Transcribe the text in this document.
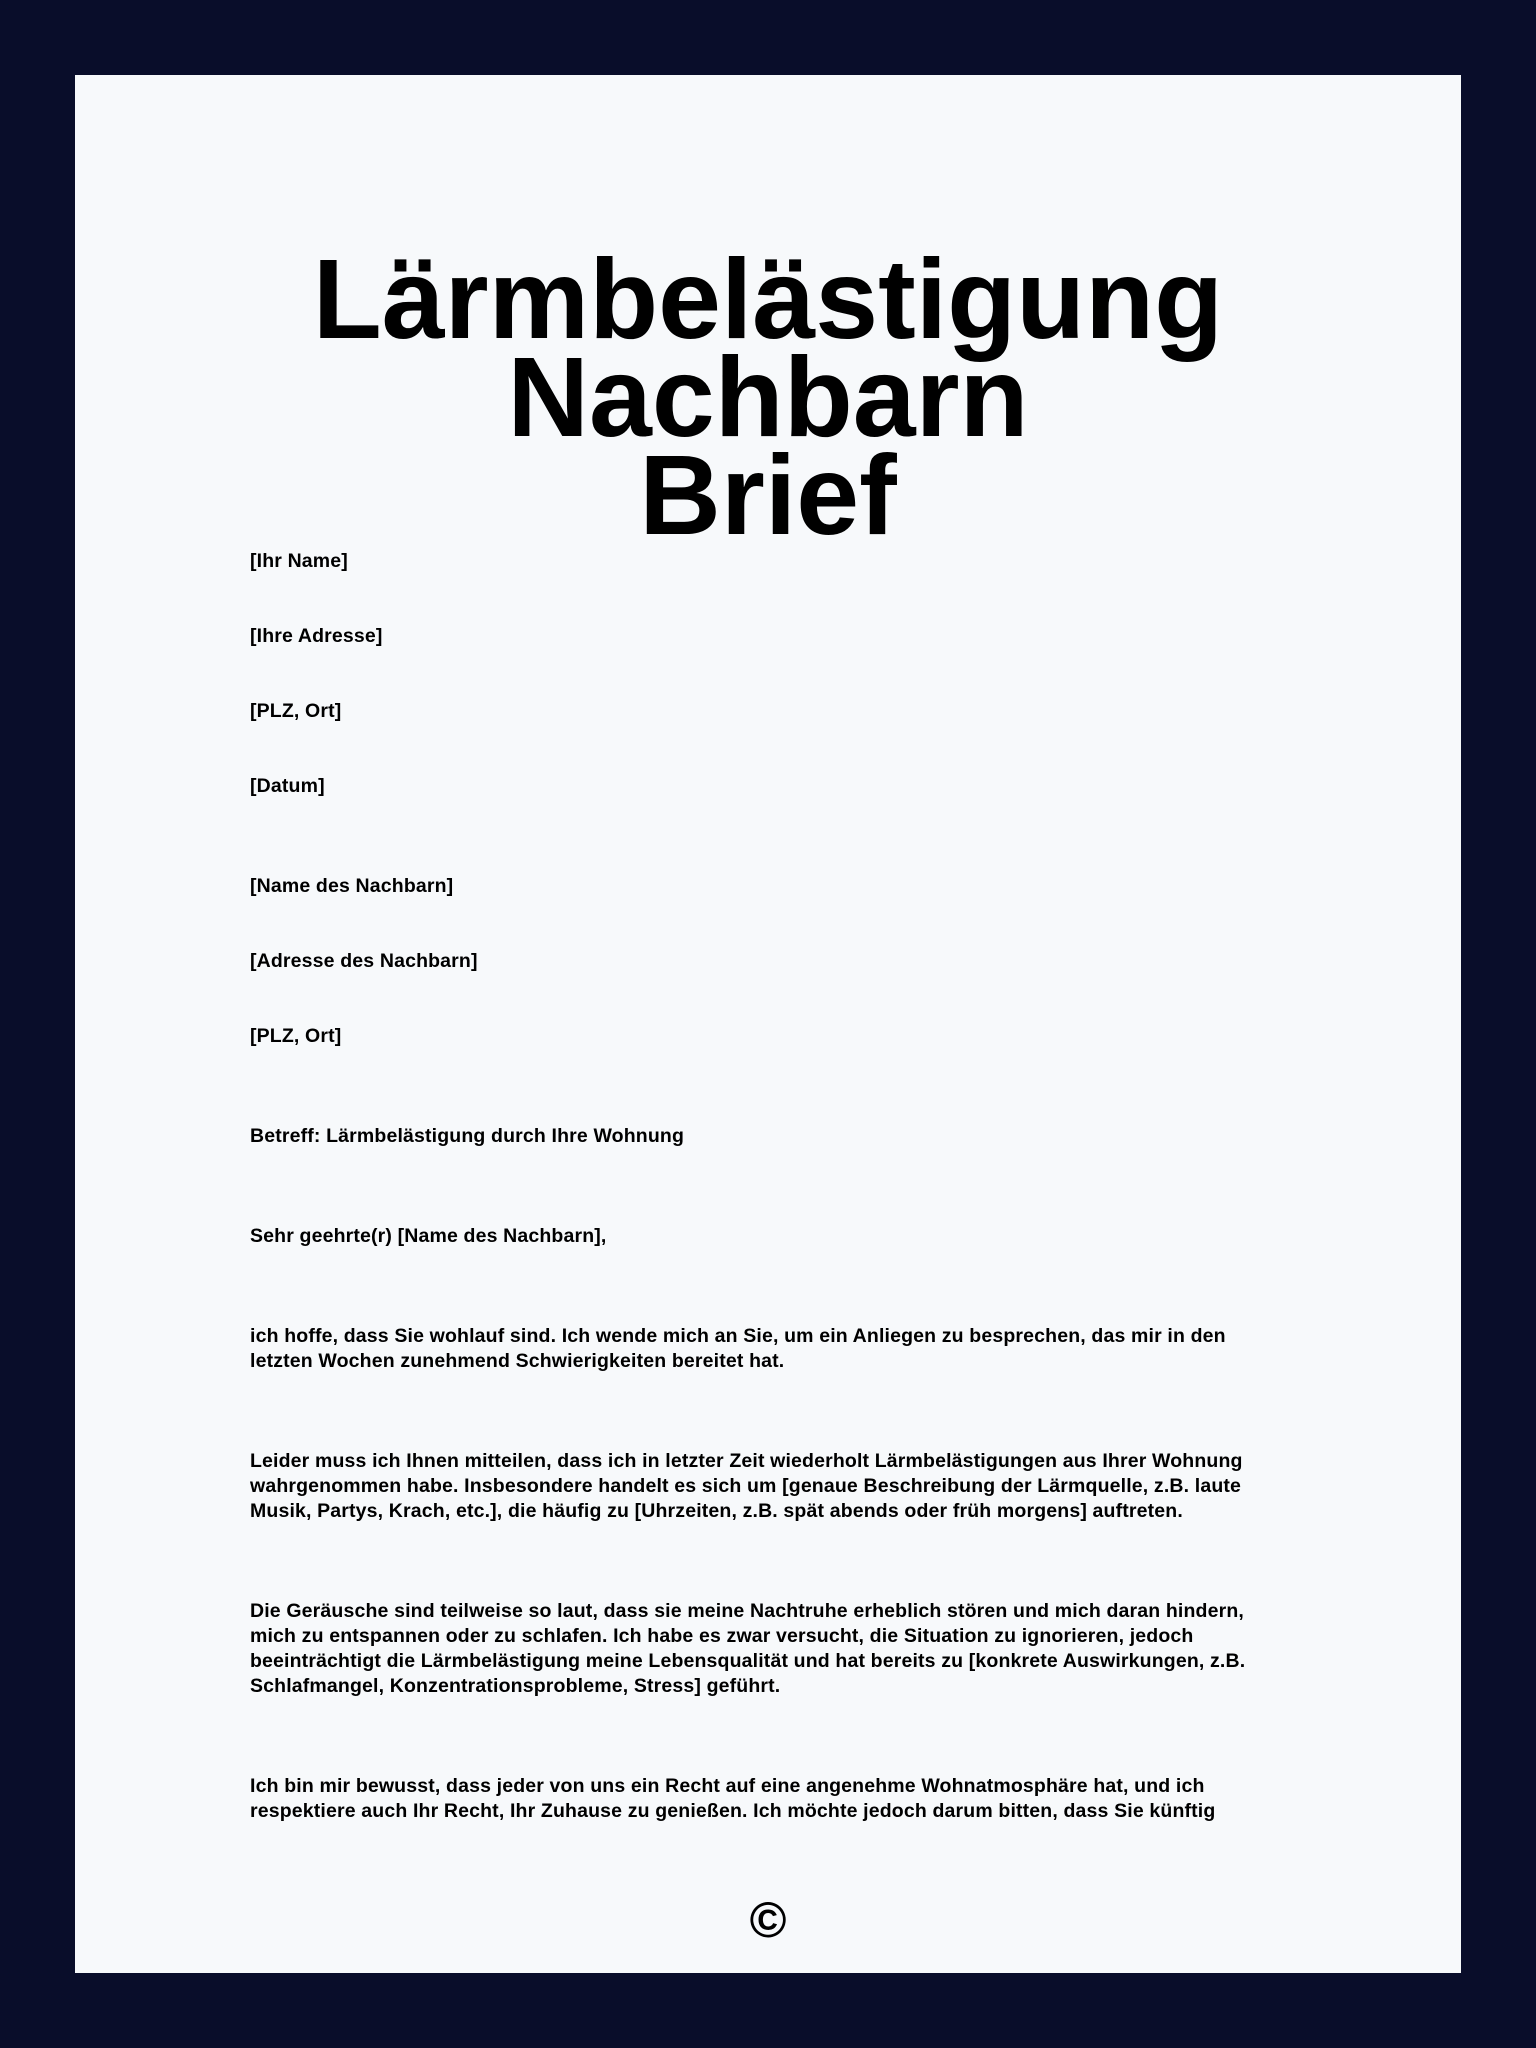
Lärmbelästigung Nachbarn
Brief

[Ihr Name]

[Ihre Adresse]

[PLZ, Ort]

[Datum]

[Name des Nachbarn]

[Adresse des Nachbarn]

[PLZ, Ort]

Betreff: Lärmbelästigung durch Ihre Wohnung

Sehr geehrte(r) [Name des Nachbarn],

ich hoffe, dass Sie wohlauf sind. Ich wende mich an Sie, um ein Anliegen zu besprechen, das mir in den letzten Wochen zunehmend Schwierigkeiten bereitet hat.

Leider muss ich Ihnen mitteilen, dass ich in letzter Zeit wiederholt Lärmbelästigungen aus Ihrer Wohnung wahrgenommen habe. Insbesondere handelt es sich um [genaue Beschreibung der Lärmquelle, z.B. laute Musik, Partys, Krach, etc.], die häufig zu [Uhrzeiten, z.B. spät abends oder früh morgens] auftreten.

Die Geräusche sind teilweise so laut, dass sie meine Nachtruhe erheblich stören und mich daran hindern, mich zu entspannen oder zu schlafen. Ich habe es zwar versucht, die Situation zu ignorieren, jedoch beeinträchtigt die Lärmbelästigung meine Lebensqualität und hat bereits zu [konkrete Auswirkungen, z.B. Schlafmangel, Konzentrationsprobleme, Stress] geführt.

Ich bin mir bewusst, dass jeder von uns ein Recht auf eine angenehme Wohnatmosphäre hat, und ich respektiere auch Ihr Recht, Ihr Zuhause zu genießen. Ich möchte jedoch darum bitten, dass Sie künftig

©
